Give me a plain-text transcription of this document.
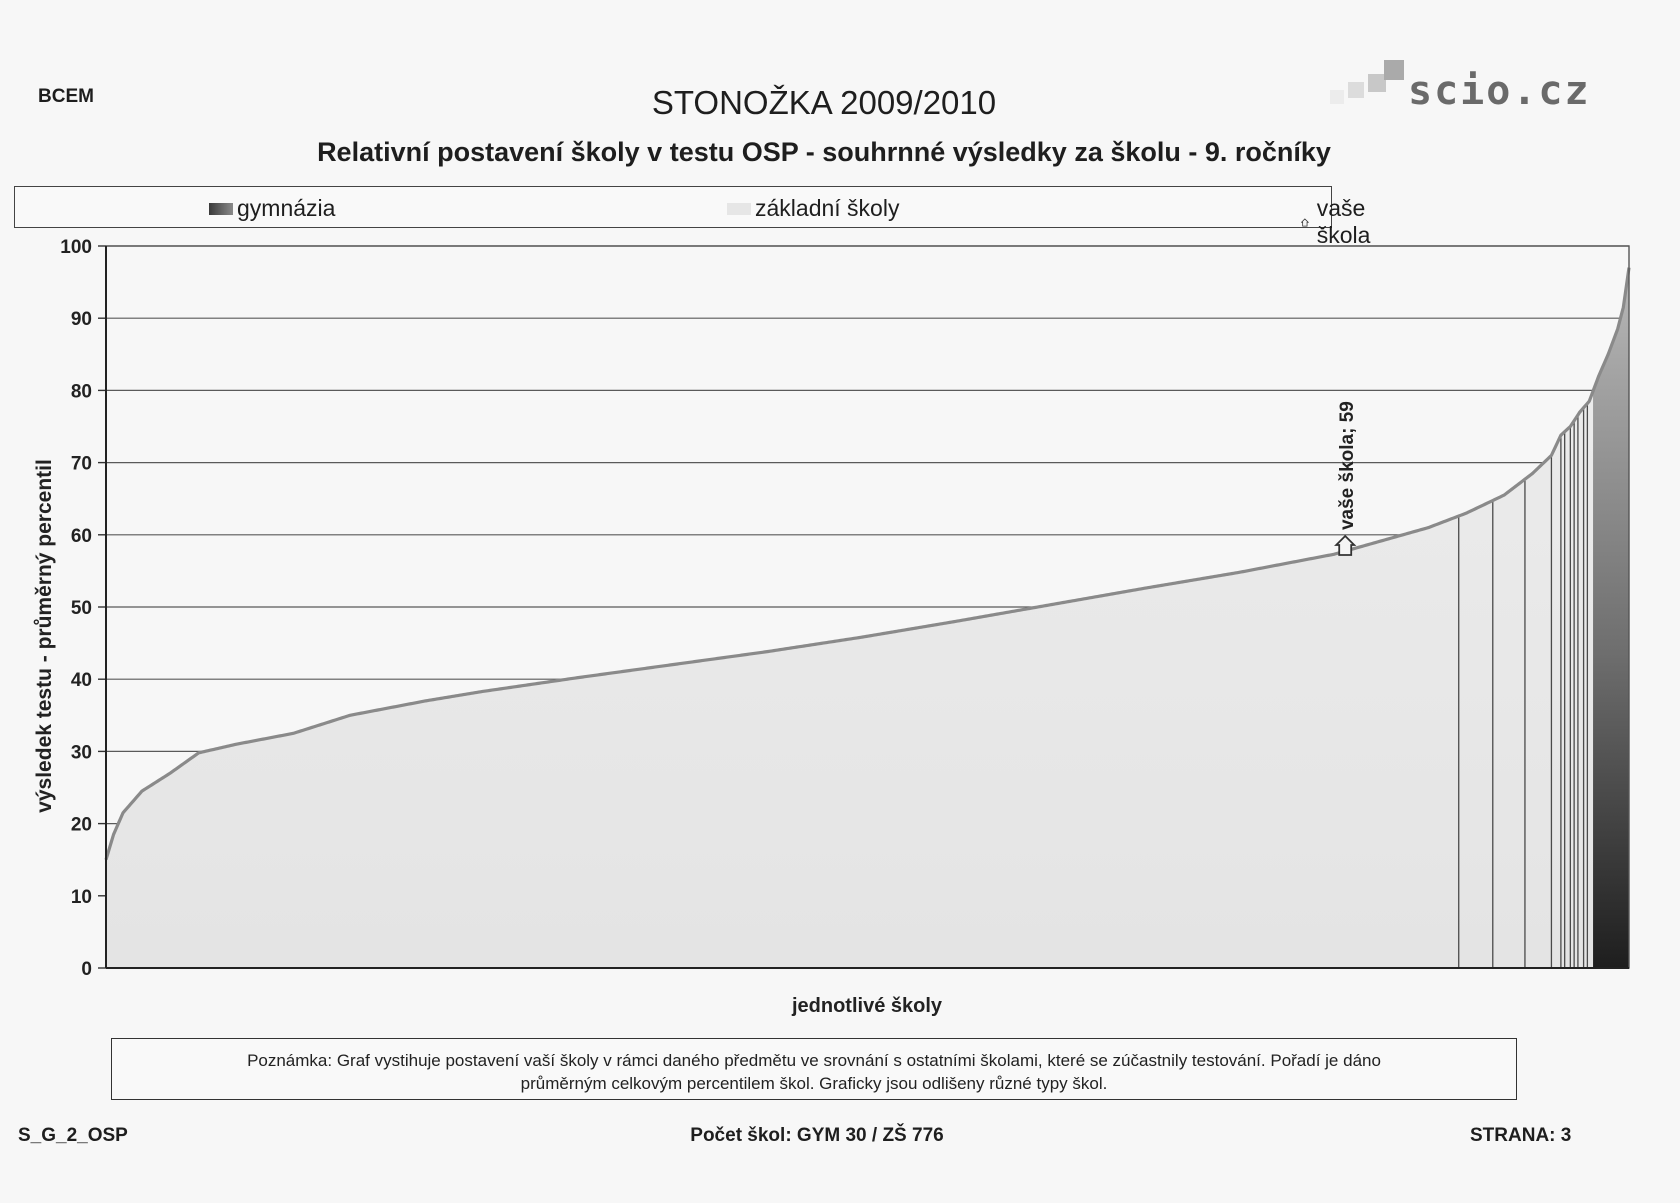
BCEM	STONOŽKA 2009/2010
Relativní postavení školy v testu OSP - souhrnné výsledky za školu - 9. ročníky
scio.cz
gymnázia	základní školy	vaše škola
0
10
20
30
40
50
60
70
80
90
100
vaše škola; 59
výsledek testu - průměrný percentil
jednotlivé školy
Poznámka: Graf vystihuje postavení vaší školy v rámci daného předmětu ve srovnání s ostatními školami, které se zúčastnily testování. Pořadí je dáno průměrným celkovým percentilem škol. Graficky jsou odlišeny různé typy škol.
S_G_2_OSP	Počet škol: GYM 30 / ZŠ 776	STRANA: 3
